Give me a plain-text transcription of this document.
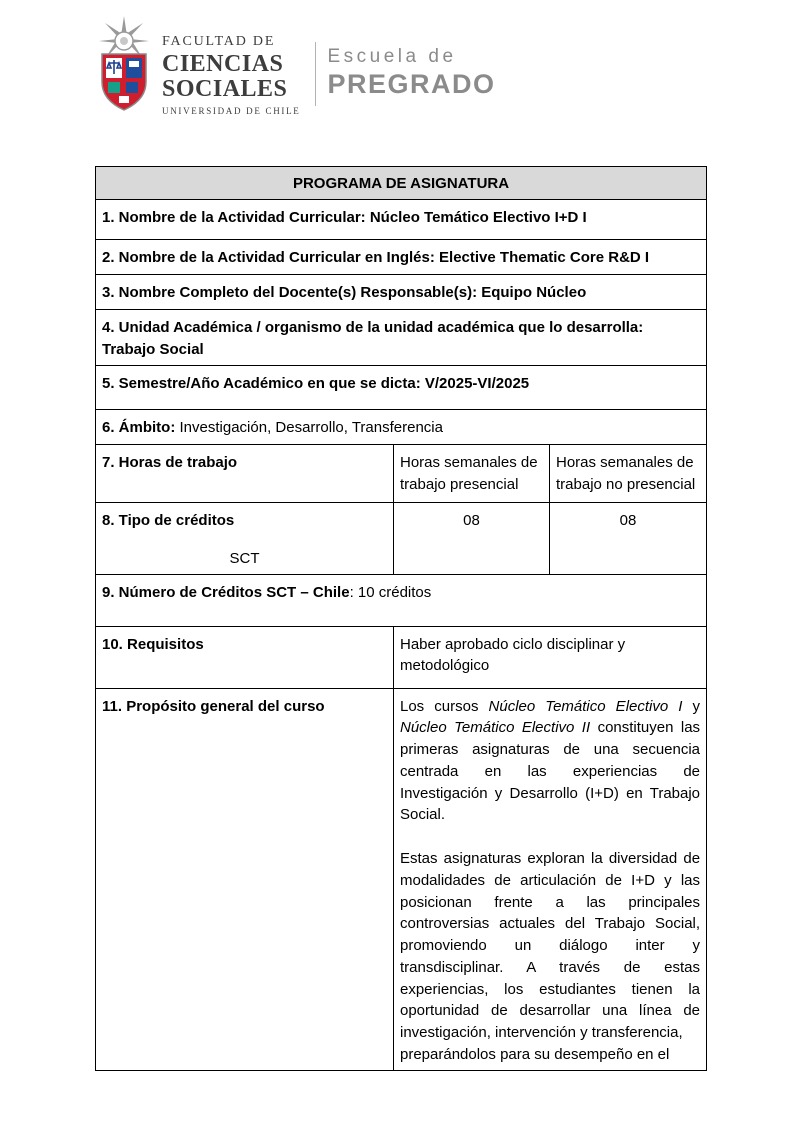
FACULTAD DE
CIENCIAS
SOCIALES
UNIVERSIDAD DE CHILE
Escuela de
PREGRADO
PROGRAMA DE ASIGNATURA		
1. Nombre de la Actividad Curricular: Núcleo Temático Electivo I+D I		
2. Nombre de la Actividad Curricular en Inglés: Elective Thematic Core R&D I		
3. Nombre Completo del Docente(s) Responsable(s): Equipo Núcleo		
4. Unidad Académica / organismo de la unidad académica que lo desarrolla: Trabajo Social		
5. Semestre/Año Académico en que se dicta: V/2025-VI/2025		
6. Ámbito: Investigación, Desarrollo, Transferencia		
7. Horas de trabajo	Horas semanales de trabajo presencial	Horas semanales de trabajo no presencial

8. Tipo de créditos
SCT	08	08
9. Número de Créditos SCT – Chile: 10 créditos		
10. Requisitos	Haber aprobado ciclo disciplinar y metodológico	
11. Propósito general del curso	Los cursos Núcleo Temático Electivo I y Núcleo Temático Electivo II constituyen las primeras asignaturas de una secuencia centrada en las experiencias de Investigación y Desarrollo (I+D) en Trabajo Social.

Estas asignaturas exploran la diversidad de modalidades de articulación de I+D y las posicionan frente a las principales controversias actuales del Trabajo Social, promoviendo un diálogo inter y transdisciplinar. A través de estas experiencias, los estudiantes tienen la oportunidad de desarrollar una línea de investigación, intervención y transferencia,

preparándolos para su desempeño en el	
